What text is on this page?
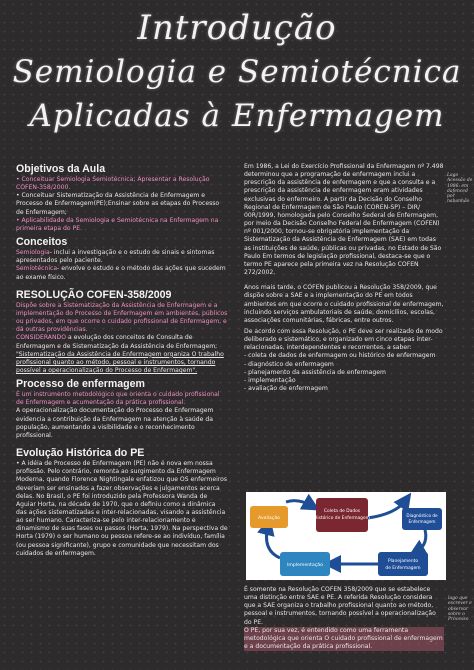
Introdução
Semiologia e Semiotécnica
Aplicadas à Enfermagem
Objetivos da Aula

• Conceituar Semiologia Semiotécnica; Apresentar a Resolução COFEN-358/2000.

• Conceituar Sistematização da Assistência de Enfermagem e Processo de Enfermagem(PE);Ensinar sobre as etapas do Processo de Enfermagem;

• Aplicabilidade da Semiologia e Semiotécnica na Enfermagem na primeira etapa do PE.

Conceitos

Semiologia- inclui a investigação e o estudo de sinais e sintomas apresentados pelo paciente.

Semiotécnica- envolve o estudo e o método das ações que sucedem ao exame físico.

RESOLUÇÃO COFEN-358/2009

Dispõe sobre a Sistematização da Assistência de Enfermagem e a implementação do Processo de Enfermagem em ambientes, públicos ou privados, em que ocorre o cuidado profissional de Enfermagem, e dá outras providências.

CONSIDERANDO a evolução dos conceitos de Consulta de Enfermagem e de Sistematização da Assistência de Enfermagem;

"Sistematização da Assistência de Enfermagem organiza O trabalho profissional quanto ao método, pessoal e instrumentos, tornando possível a operacionalização do Processo de Enfermagem".

Processo de enfermagem

É um instrumento metodológico que orienta o cuidado profissional de Enfermagem e acumentação da prática profissional.

A operacionalização documentação do Processo de Enfermagem evidencia a contribuição da Enfermagem na atenção à saúde da população, aumentando a visibilidade e o reconhecimento profissional.

Evolução Histórica do PE

• A idéia de Processo de Enfermagem (PE) não é nova em nossa profissão. Pelo contrário, remonta ao surgimento da Enfermagem Moderna, quando Florence Nightingale enfatizou que OS enfermeiros deveriam ser ensinados a fazer observações e julgamentos acerca delas. No Brasil, o PE foi introduzido pela Professora Wanda de Aguiar Horta, na década de 1970, que o definiu como a dinâmica das ações sistematizadas e inter-relacionadas, visando a assistência ao ser humano. Caracteriza-se pelo inter-relacionamento e dinamismo de suas fases ou passos (Horta, 1979). Na perspectiva de Horta (1979) o ser humano ou pessoa refere-se ao indivíduo, família (ou pessoa significante), grupo e comunidade que necessitam dos cuidados de enfermagem.

Em 1986, a Lei do Exercício Profissional da Enfermagem nº 7.498 determinou que a programação de enfermagem inclui a prescrição da assistência de enfermagem e que a consulta e a prescrição da assistência de enfermagem eram atividades exclusivas do enfermeiro. A partir da Decisão do Conselho Regional de Enfermagem de São Paulo (COREN-SP) – DIR/ 00R/1999, homologada pelo Conselho Sederal de Enfermagem, por meio da Decisão Conselho Federal de Enfermagem (COFEN) nº 001/2000, tornou-se obrigatória implementação da Sistematização da Assistência de Enfermagem (SAE) em todas as instituições de saúde, públicas ou privadas, no Estado de São Paulo Em termos de legislação profissional, destaca-se que o termo PE aparece pela primeira vez na Resolução COFEN 272/2002.

Anos mais tarde, o COFEN publicou a Resolução 358/2009, que dispõe sobre a SAE e a implementação do PE em todos ambientes em que ocorre o cuidado profissional de enfermagem, incluindo serviços ambulatoriais de saúde, domicílios, escolas, associações comunitárias, fábricas, entre outros.

De acordo com essa Resolução, o PE deve ser realizado de modo deliberado e sistemático, e organizado em cinco etapas inter-relacionadas, interdependentes e recorrentes, a saber:

- coleta de dados de enfermagem ou histórico de enfermagem

- diagnóstico de enfermagem

- planejamento da assistência de enfermagem

- implementação

- avaliação de enfermagem

É somente na Resolução COFEN 358/2009 que se estabelece uma distinção entre SAE e PE. A referida Resolução considera que a SAE organiza o trabalho profissional quanto ao método, pessoal e instrumentos, tornando possível a operacionalização do PE.

O PE, por sua vez, é entendido como uma ferramenta metodológica que orienta O cuidado profissional de enfermagem e a documentação da prática profissional.

Coleta de Dados
Histórico de Enfermagem
Diagnóstico de
Enfermagem
Planejamento
de Enfermagem
Implementação
Avaliação
Lago Acessão de 1986: em dafenced por nabanhão
lago que escrever e observar sobre o Processo
